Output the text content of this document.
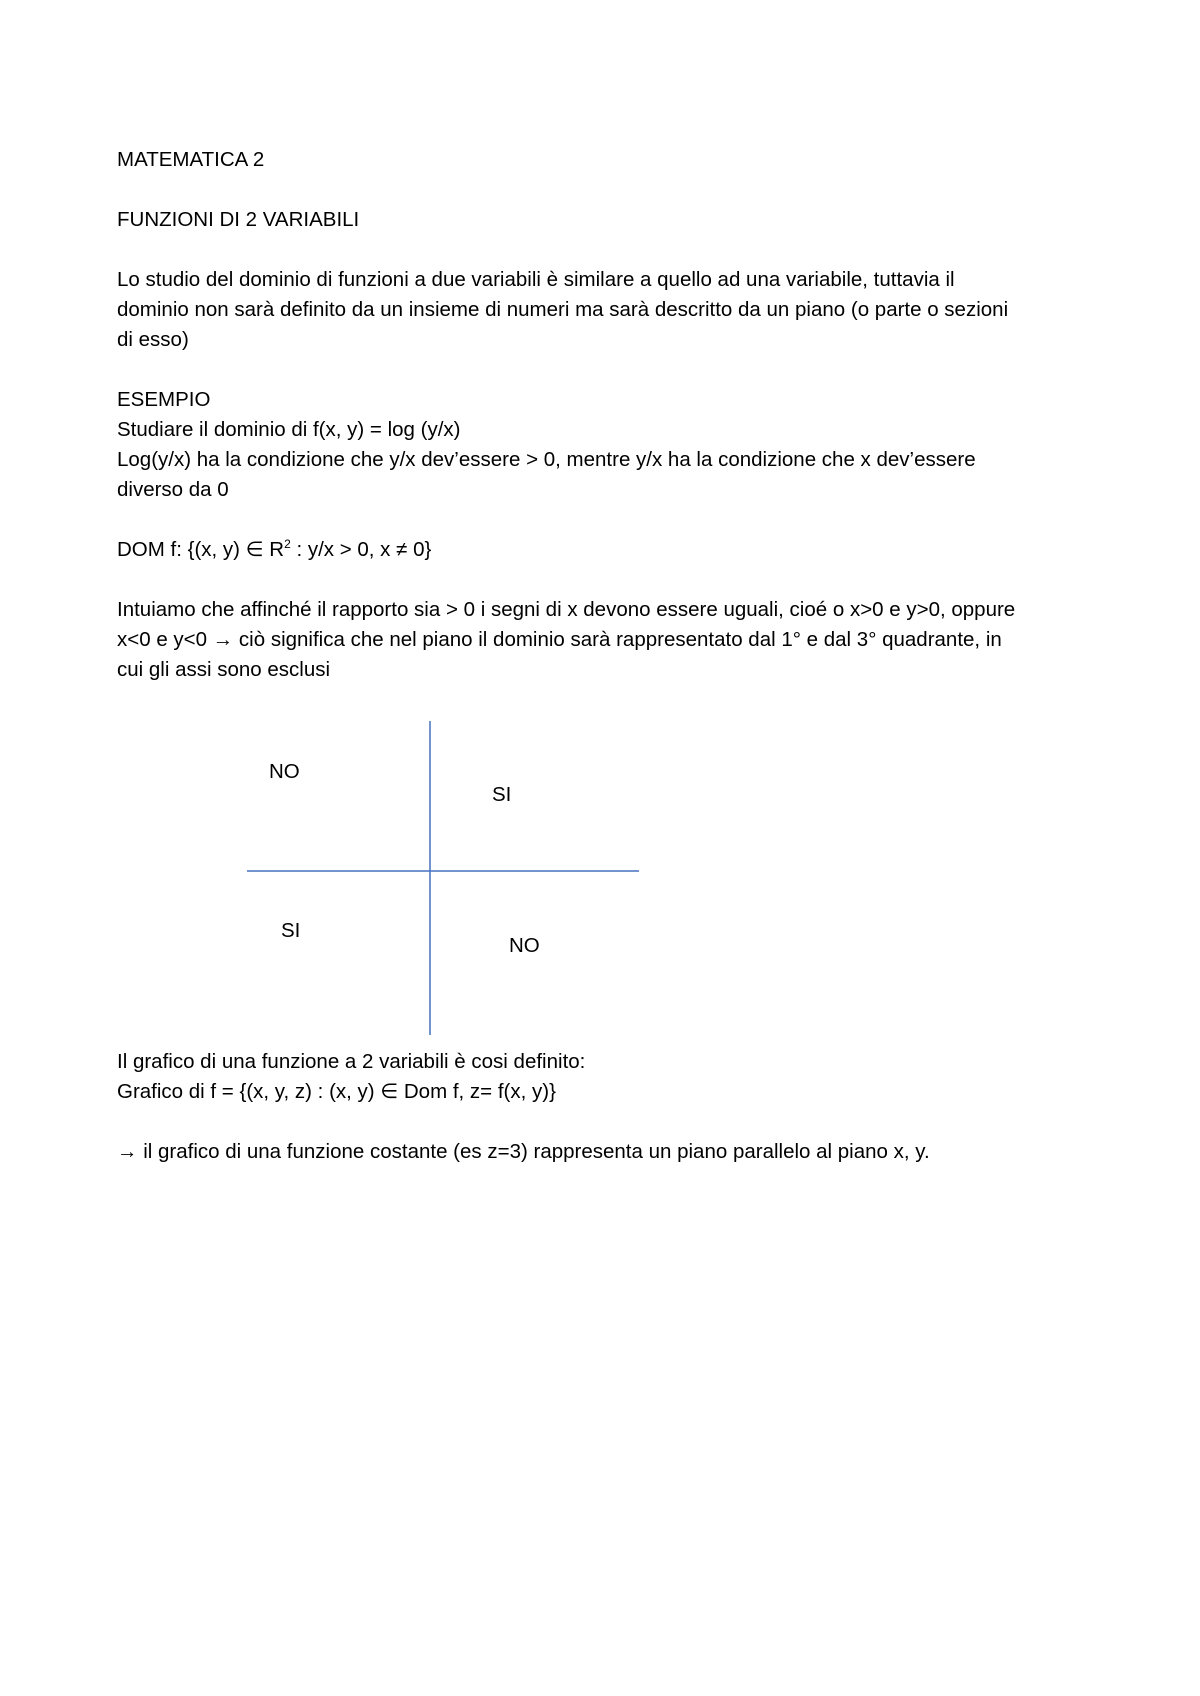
MATEMATICA 2
FUNZIONI DI 2 VARIABILI
Lo studio del dominio di funzioni a due variabili è similare a quello ad una variabile, tuttavia il
dominio non sarà definito da un insieme di numeri ma sarà descritto da un piano (o parte o sezioni
di esso)
ESEMPIO
Studiare il dominio di f(x, y) = log (y/x)
Log(y/x) ha la condizione che y/x dev’essere > 0, mentre y/x ha la condizione che x dev’essere
diverso da 0
DOM f: {(x, y) ∈ $R^2$ : y/x > 0, x ≠ 0}
Intuiamo che affinché il rapporto sia > 0 i segni di x devono essere uguali, cioé o x>0 e y>0, oppure
x<0 e y<0 → ciò significa che nel piano il dominio sarà rappresentato dal 1° e dal 3° quadrante, in
cui gli assi sono esclusi
NO
SI
SI
NO
Il grafico di una funzione a 2 variabili è cosi definito:
Grafico di f = {(x, y, z) : (x, y) ∈ Dom f, z= f(x, y)}
→ il grafico di una funzione costante (es z=3) rappresenta un piano parallelo al piano x, y.
